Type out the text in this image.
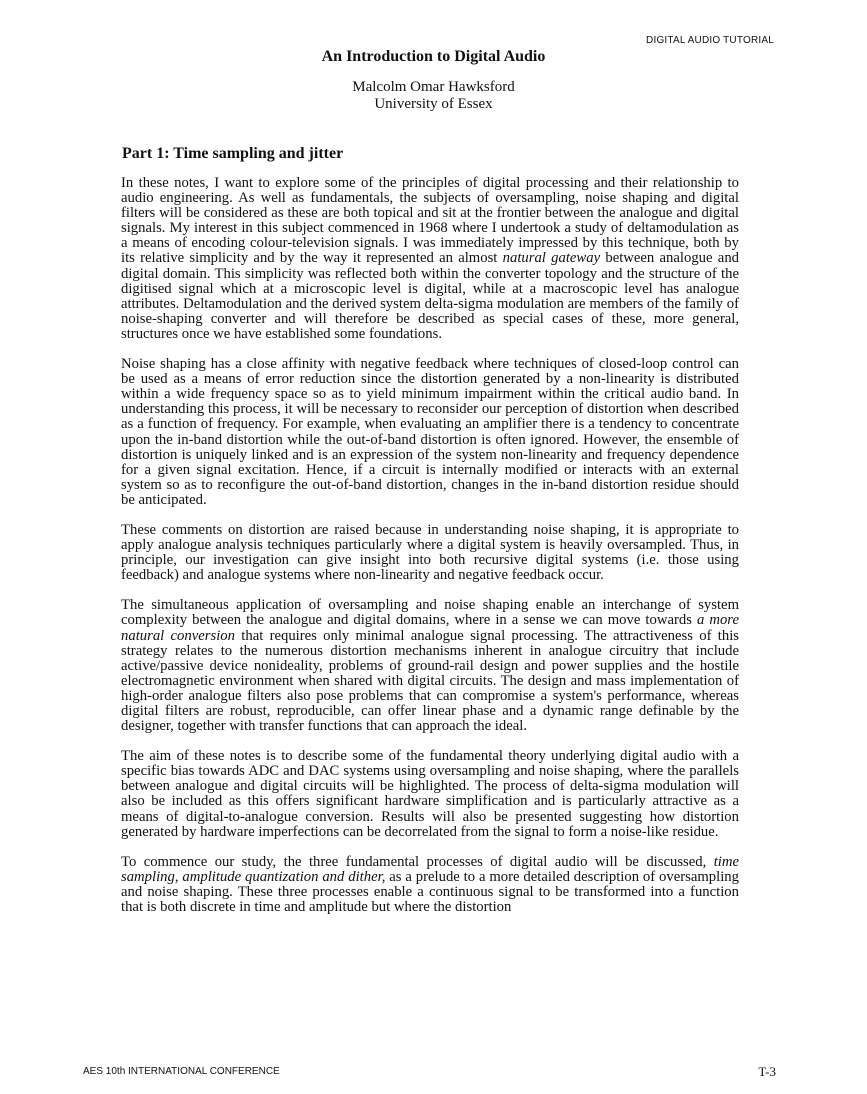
DIGITAL AUDIO TUTORIAL
An Introduction to Digital Audio
Malcolm Omar Hawksford
University of Essex
Part 1: Time sampling and jitter

In these notes, I want to explore some of the principles of digital processing and their relationship to audio engineering. As well as fundamentals, the subjects of oversampling, noise shaping and digital filters will be considered as these are both topical and sit at the frontier between the analogue and digital signals. My interest in this subject commenced in 1968 where I undertook a study of deltamodulation as a means of encoding colour-television signals. I was immediately impressed by this technique, both by its relative simplicity and by the way it represented an almost natural gateway between analogue and digital domain. This simplicity was reflected both within the converter topology and the structure of the digitised signal which at a microscopic level is digital, while at a macroscopic level has analogue attributes. Deltamodulation and the derived system delta-sigma modulation are members of the family of noise-shaping converter and will therefore be described as special cases of these, more general, structures once we have established some foundations.

Noise shaping has a close affinity with negative feedback where techniques of closed-loop control can be used as a means of error reduction since the distortion generated by a non-linearity is distributed within a wide frequency space so as to yield minimum impairment within the critical audio band. In understanding this process, it will be necessary to reconsider our perception of distortion when described as a function of frequency. For example, when evaluating an amplifier there is a tendency to concentrate upon the in-band distortion while the out-of-band distortion is often ignored. However, the ensemble of distortion is uniquely linked and is an expression of the system non-linearity and frequency dependence for a given signal excitation. Hence, if a circuit is internally modified or interacts with an external system so as to reconfigure the out-of-band distortion, changes in the in-band distortion residue should be anticipated.

These comments on distortion are raised because in understanding noise shaping, it is appropriate to apply analogue analysis techniques particularly where a digital system is heavily oversampled. Thus, in principle, our investigation can give insight into both recursive digital systems (i.e. those using feedback) and analogue systems where non-linearity and negative feedback occur.

The simultaneous application of oversampling and noise shaping enable an interchange of system complexity between the analogue and digital domains, where in a sense we can move towards a more natural conversion that requires only minimal analogue signal processing. The attractiveness of this strategy relates to the numerous distortion mechanisms inherent in analogue circuitry that include active/passive device nonideality, problems of ground-rail design and power supplies and the hostile electromagnetic environment when shared with digital circuits. The design and mass implementation of high-order analogue filters also pose problems that can compromise a system's performance, whereas digital filters are robust, reproducible, can offer linear phase and a dynamic range definable by the designer, together with transfer functions that can approach the ideal.

The aim of these notes is to describe some of the fundamental theory underlying digital audio with a specific bias towards ADC and DAC systems using oversampling and noise shaping, where the parallels between analogue and digital circuits will be highlighted. The process of delta-sigma modulation will also be included as this offers significant hardware simplification and is particularly attractive as a means of digital-to-analogue conversion. Results will also be presented suggesting how distortion generated by hardware imperfections can be decorrelated from the signal to form a noise-like residue.

To commence our study, the three fundamental processes of digital audio will be discussed, time sampling, amplitude quantization and dither, as a prelude to a more detailed description of oversampling and noise shaping. These three processes enable a continuous signal to be transformed into a function that is both discrete in time and amplitude but where the distortion

AES 10th INTERNATIONAL CONFERENCE	T-3
